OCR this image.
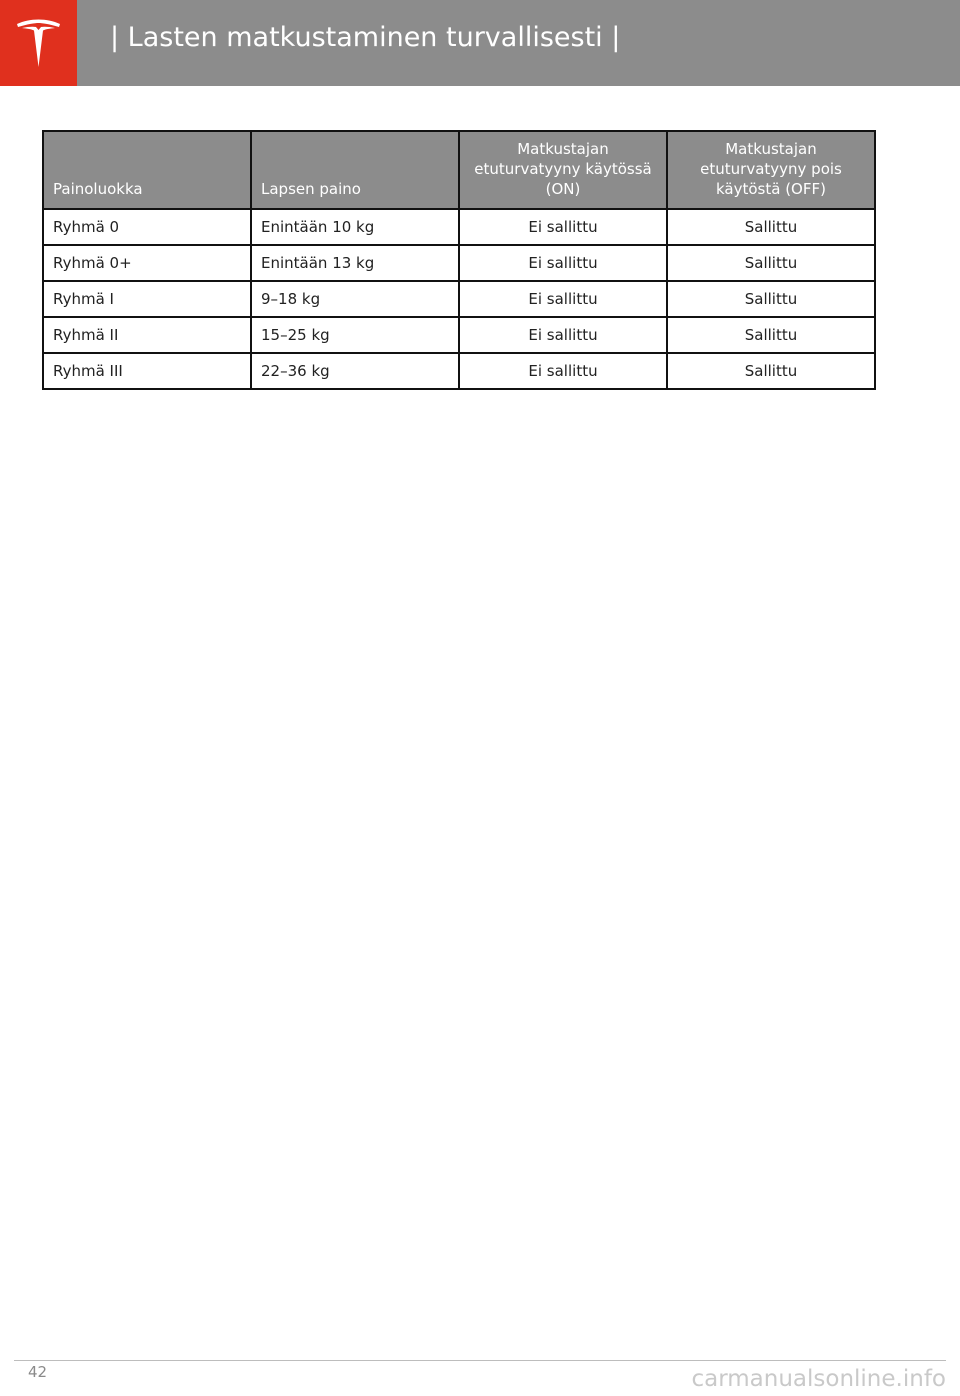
| Lasten matkustaminen turvallisesti |
Painoluokka	Lapsen paino	Matkustajan etuturvatyyny käytössä (ON)	Matkustajan etuturvatyyny pois käytöstä (OFF)
Ryhmä 0	Enintään 10 kg	Ei sallittu	Sallittu
Ryhmä 0+	Enintään 13 kg	Ei sallittu	Sallittu
Ryhmä I	9–18 kg	Ei sallittu	Sallittu
Ryhmä II	15–25 kg	Ei sallittu	Sallittu
Ryhmä III	22–36 kg	Ei sallittu	Sallittu
42	carmanualsonline.info
